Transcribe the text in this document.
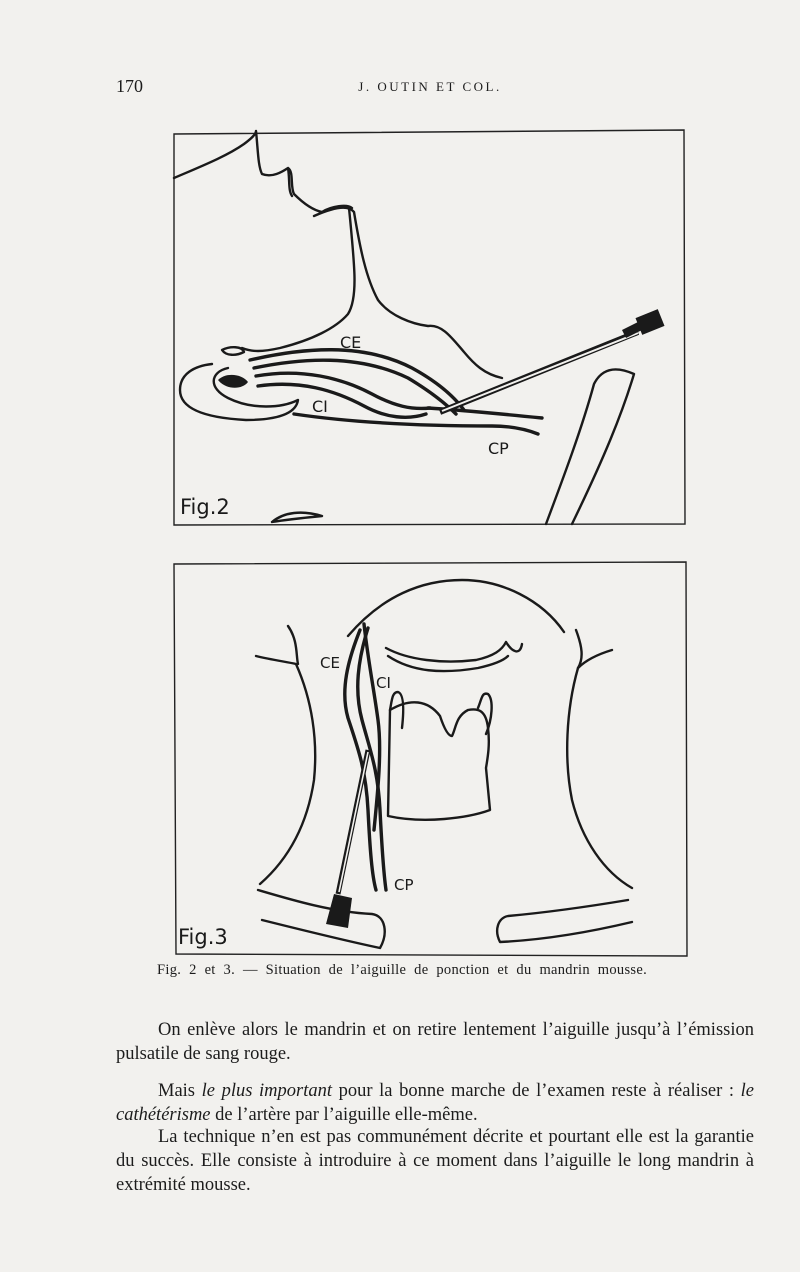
170	J. OUTIN ET COL.
CE
CI
CP
Fig.2
CE
CI
CP
Fig.3
Fig. 2 et 3. — Situation de l’aiguille de ponction et du mandrin mousse.

On enlève alors le mandrin et on retire lentement l’aiguille jusqu’à l’émission pulsatile de sang rouge.

Mais le plus important pour la bonne marche de l’examen reste à réaliser : le cathétérisme de l’artère par l’aiguille elle-même.

La technique n’en est pas communément décrite et pourtant elle est la garantie du succès. Elle consiste à introduire à ce moment dans l’aiguille le long mandrin à extrémité mousse.
